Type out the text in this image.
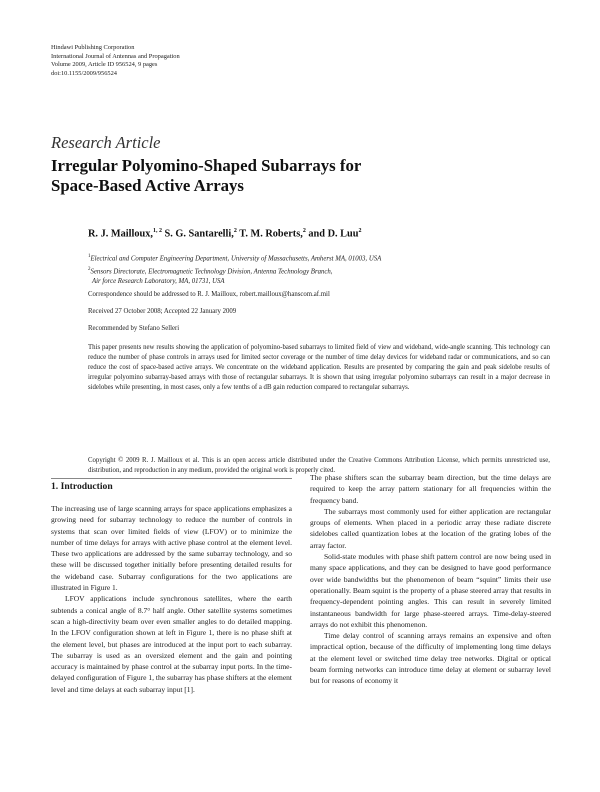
Hindawi Publishing Corporation
International Journal of Antennas and Propagation
Volume 2009, Article ID 956524, 9 pages
doi:10.1155/2009/956524
Research Article
Irregular Polyomino-Shaped Subarrays for
Space-Based Active Arrays
R. J. Mailloux,$^{1, 2}$ S. G. Santarelli,$^2$ T. M. Roberts,$^2$ and D. Luu$^2$
$^1$Electrical and Computer Engineering Department, University of Massachusetts, Amherst MA, 01003, USA
$^2$Sensors Directorate, Electromagnetic Technology Division, Antenna Technology Branch,
Air force Research Laboratory, MA, 01731, USA
Correspondence should be addressed to R. J. Mailloux, robert.mailloux@hanscom.af.mil
Received 27 October 2008; Accepted 22 January 2009
Recommended by Stefano Selleri
This paper presents new results showing the application of polyomino-based subarrays to limited field of view and wideband, wide-angle scanning. This technology can reduce the number of phase controls in arrays used for limited sector coverage or the number of time delay devices for wideband radar or communications, and so can reduce the cost of space-based active arrays. We concentrate on the wideband application. Results are presented by comparing the gain and peak sidelobe results of irregular polyomino subarray-based arrays with those of rectangular subarrays. It is shown that using irregular polyomino subarrays can result in a major decrease in sidelobes while presenting, in most cases, only a few tenths of a dB gain reduction compared to rectangular subarrays.
Copyright © 2009 R. J. Mailloux et al. This is an open access article distributed under the Creative Commons Attribution License, which permits unrestricted use, distribution, and reproduction in any medium, provided the original work is properly cited.
1. Introduction

The increasing use of large scanning arrays for space applications emphasizes a growing need for subarray technology to reduce the number of controls in systems that scan over limited fields of view (LFOV) or to minimize the number of time delays for arrays with active phase control at the element level. These two applications are addressed by the same subarray technology, and so these will be discussed together initially before presenting detailed results for the wideband case. Subarray configurations for the two applications are illustrated in Figure 1.

LFOV applications include synchronous satellites, where the earth subtends a conical angle of 8.7° half angle. Other satellite systems sometimes scan a high-directivity beam over even smaller angles to do detailed mapping. In the LFOV configuration shown at left in Figure 1, there is no phase shift at the element level, but phases are introduced at the input port to each subarray. The subarray is used as an oversized element and the gain and pointing accuracy is maintained by phase control at the subarray input ports. In the time-delayed configuration of Figure 1, the subarray has phase shifters at the element level and time delays at each subarray input [1].

The phase shifters scan the subarray beam direction, but the time delays are required to keep the array pattern stationary for all frequencies within the frequency band.

The subarrays most commonly used for either application are rectangular groups of elements. When placed in a periodic array these radiate discrete sidelobes called quantization lobes at the location of the grating lobes of the array factor.

Solid-state modules with phase shift pattern control are now being used in many space applications, and they can be designed to have good performance over wide bandwidths but the phenomenon of beam “squint” limits their use operationally. Beam squint is the property of a phase steered array that results in frequency-dependent pointing angles. This can result in severely limited instantaneous bandwidth for large phase-steered arrays. Time-delay-steered arrays do not exhibit this phenomenon.

Time delay control of scanning arrays remains an expensive and often impractical option, because of the difficulty of implementing long time delays at the element level or switched time delay tree networks. Digital or optical beam forming networks can introduce time delay at element or subarray level but for reasons of economy it
